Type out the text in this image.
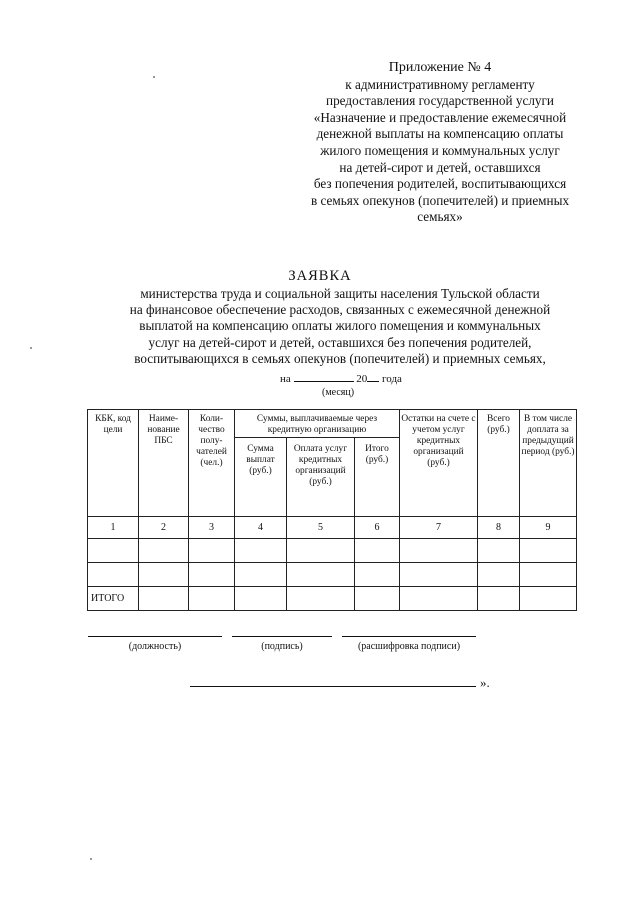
Приложение № 4
к административному регламенту
предоставления государственной услуги
«Назначение и предоставление ежемесячной
денежной выплаты на компенсацию оплаты
жилого помещения и коммунальных услуг
на детей-сирот и детей, оставшихся
без попечения родителей, воспитывающихся
в семьях опекунов (попечителей) и приемных
семьях»
ЗАЯВКА
министерства труда и социальной защиты населения Тульской области
на финансовое обеспечение расходов, связанных с ежемесячной денежной
выплатой на компенсацию оплаты жилого помещения и коммунальных
услуг на детей-сирот и детей, оставшихся без попечения родителей,
воспитывающихся в семьях опекунов (попечителей) и приемных семьях,
на	20 года
(месяц)
КБК, код цели	Наиме-нование ПБС	Коли-чество полу-чателей (чел.)	Суммы, выплачиваемые через кредитную организацию			Остатки на счете с учетом услуг кредитных организаций (руб.)	Всего (руб.)	В том числе доплата за предыдущий период (руб.)
			Сумма выплат (руб.)	Оплата услуг кредитных организаций (руб.)	Итого (руб.)			
1	2	3	4	5	6	7	8	9

ИТОГО								
(должность)	(подпись)	(расшифровка подписи)
».
